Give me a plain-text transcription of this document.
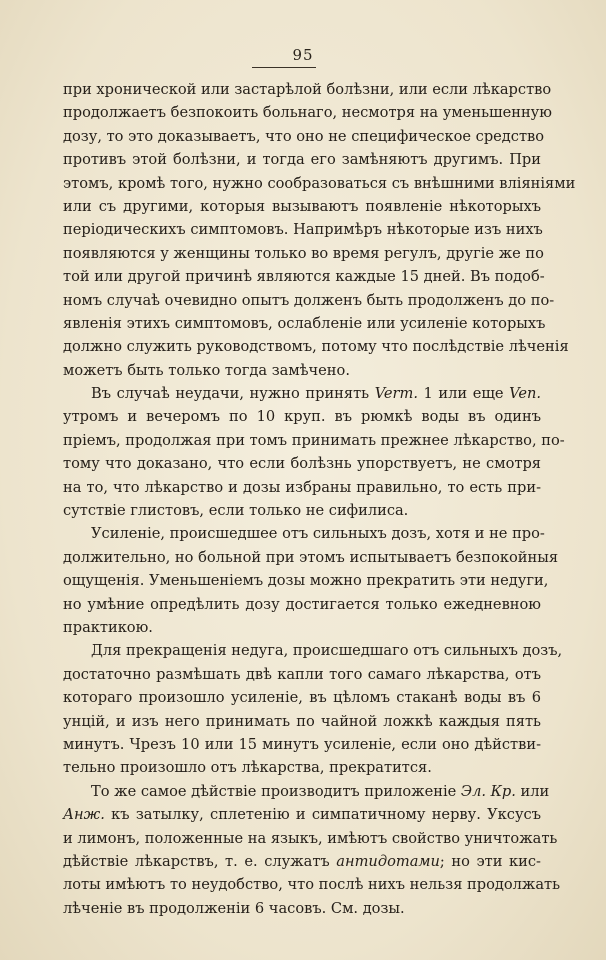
95
при хронической или застарѣлой болѣзни, или если лѣкарство
продолжаетъ безпокоить больнаго, несмотря на уменьшенную
дозу, то это доказываетъ, что оно не специфическое средство
противъ этой болѣзни, и тогда его замѣняютъ другимъ. При
этомъ, кромѣ того, нужно сообразоваться съ внѣшними вліяніями
или съ другими, которыя вызываютъ появленіе нѣкоторыхъ
періодическихъ симптомовъ. Напримѣръ нѣкоторые изъ нихъ
появляются у женщины только во время регулъ, другіе же по
той или другой причинѣ являются каждые 15 дней. Въ подоб-
номъ случаѣ очевидно опытъ долженъ быть продолженъ до по-
явленія этихъ симптомовъ, ослабленіе или усиленіе которыхъ
должно служить руководствомъ, потому что послѣдствіе лѣченія
можетъ быть только тогда замѣчено.
Въ случаѣ неудачи, нужно принять Verm. 1 или еще Ven.
утромъ и вечеромъ по 10 круп. въ рюмкѣ воды въ одинъ
пріемъ, продолжая при томъ принимать прежнее лѣкарство, по-
тому что доказано, что если болѣзнь упорствуетъ, не смотря
на то, что лѣкарство и дозы избраны правильно, то есть при-
сутствіе глистовъ, если только не сифилиса.
Усиленіе, происшедшее отъ сильныхъ дозъ, хотя и не про-
должительно, но больной при этомъ испытываетъ безпокойныя
ощущенія. Уменьшеніемъ дозы можно прекратить эти недуги,
но умѣние опредѣлить дозу достигается только ежедневною
практикою.
Для прекращенія недуга, происшедшаго отъ сильныхъ дозъ,
достаточно размѣшать двѣ капли того самаго лѣкарства, отъ
котораго произошло усиленіе, въ цѣломъ стаканѣ воды въ 6
унцій, и изъ него принимать по чайной ложкѣ каждыя пять
минутъ. Чрезъ 10 или 15 минутъ усиленіе, если оно дѣйстви-
тельно произошло отъ лѣкарства, прекратится.
То же самое дѣйствіе производитъ приложеніе Эл. Кр. или
Анж. къ затылку, сплетенію и симпатичному нерву. Уксусъ
и лимонъ, положенные на языкъ, имѣютъ свойство уничтожать
дѣйствіе лѣкарствъ, т. е. служатъ антидотами; но эти кис-
лоты имѣютъ то неудобство, что послѣ нихъ нельзя продолжать
лѣченіе въ продолженіи 6 часовъ. См. дозы.
